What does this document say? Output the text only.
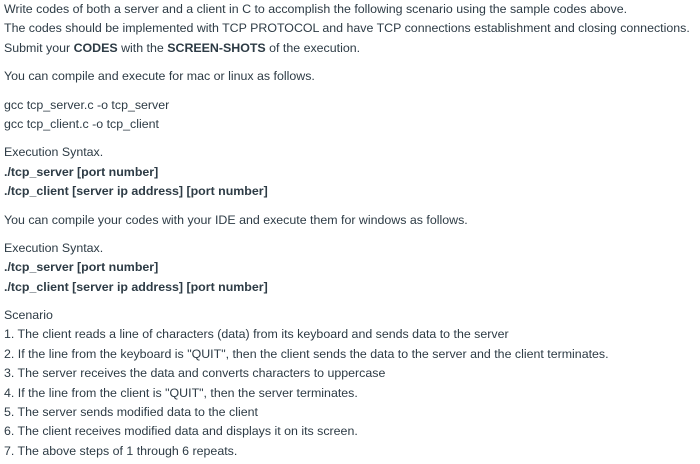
Write codes of both a server and a client in C to accomplish the following scenario using the sample codes above.
The codes should be implemented with TCP PROTOCOL and have TCP connections establishment and closing connections.
Submit your CODES with the SCREEN-SHOTS of the execution.
You can compile and execute for mac or linux as follows.
gcc tcp_server.c -o tcp_server
gcc tcp_client.c -o tcp_client
Execution Syntax.
./tcp_server [port number]
./tcp_client [server ip address] [port number]
You can compile your codes with your IDE and execute them for windows as follows.
Execution Syntax.
./tcp_server [port number]
./tcp_client [server ip address] [port number]
Scenario
1. The client reads a line of characters (data) from its keyboard and sends data to the server
2. If the line from the keyboard is "QUIT", then the client sends the data to the server and the client terminates.
3. The server receives the data and converts characters to uppercase
4. If the line from the client is "QUIT", then the server terminates.
5. The server sends modified data to the client
6. The client receives modified data and displays it on its screen.
7. The above steps of 1 through 6 repeats.
